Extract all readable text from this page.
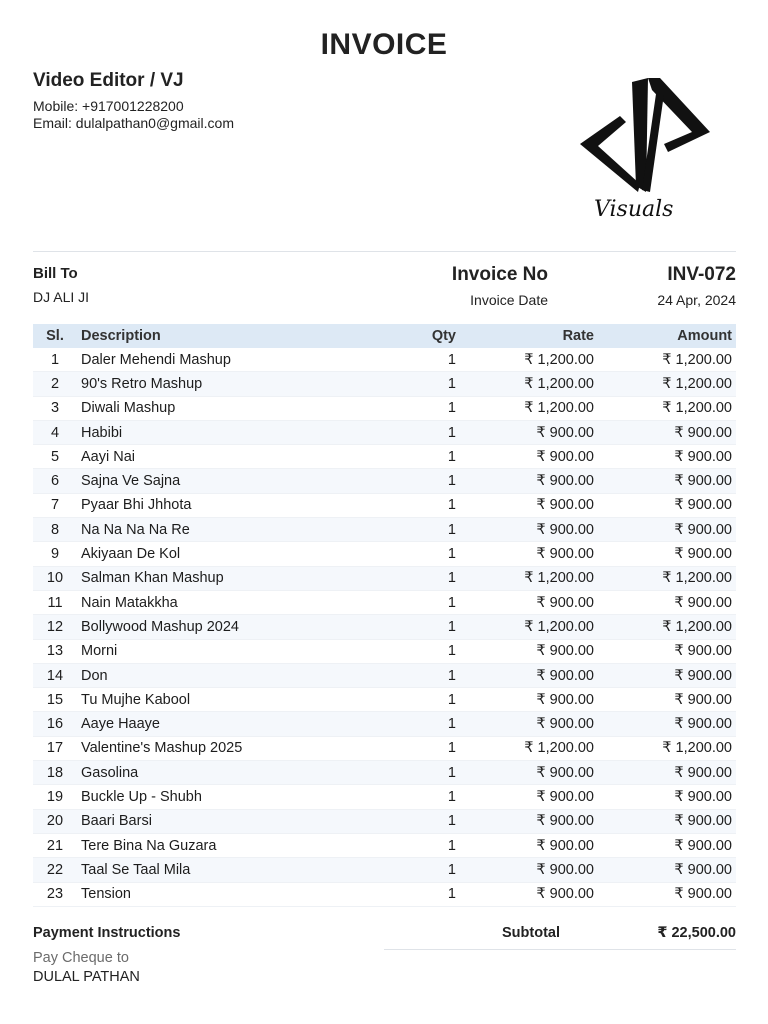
INVOICE
Video Editor / VJ
Mobile: +917001228200
Email: dulalpathan0@gmail.com
Visuals
Bill To
DJ ALI JI
Invoice No	INV-072
Invoice Date	24 Apr, 2024
Sl.	Description	Qty	Rate	Amount
1	Daler Mehendi Mashup	1	₹ 1,200.00	₹ 1,200.00
2	90's Retro Mashup	1	₹ 1,200.00	₹ 1,200.00
3	Diwali Mashup	1	₹ 1,200.00	₹ 1,200.00
4	Habibi	1	₹ 900.00	₹ 900.00
5	Aayi Nai	1	₹ 900.00	₹ 900.00
6	Sajna Ve Sajna	1	₹ 900.00	₹ 900.00
7	Pyaar Bhi Jhhota	1	₹ 900.00	₹ 900.00
8	Na Na Na Na Re	1	₹ 900.00	₹ 900.00
9	Akiyaan De Kol	1	₹ 900.00	₹ 900.00
10	Salman Khan Mashup	1	₹ 1,200.00	₹ 1,200.00
11	Nain Matakkha	1	₹ 900.00	₹ 900.00
12	Bollywood Mashup 2024	1	₹ 1,200.00	₹ 1,200.00
13	Morni	1	₹ 900.00	₹ 900.00
14	Don	1	₹ 900.00	₹ 900.00
15	Tu Mujhe Kabool	1	₹ 900.00	₹ 900.00
16	Aaye Haaye	1	₹ 900.00	₹ 900.00
17	Valentine's Mashup 2025	1	₹ 1,200.00	₹ 1,200.00
18	Gasolina	1	₹ 900.00	₹ 900.00
19	Buckle Up - Shubh	1	₹ 900.00	₹ 900.00
20	Baari Barsi	1	₹ 900.00	₹ 900.00
21	Tere Bina Na Guzara	1	₹ 900.00	₹ 900.00
22	Taal Se Taal Mila	1	₹ 900.00	₹ 900.00
23	Tension	1	₹ 900.00	₹ 900.00
Payment Instructions
Pay Cheque to
DULAL PATHAN
Subtotal	₹ 22,500.00
